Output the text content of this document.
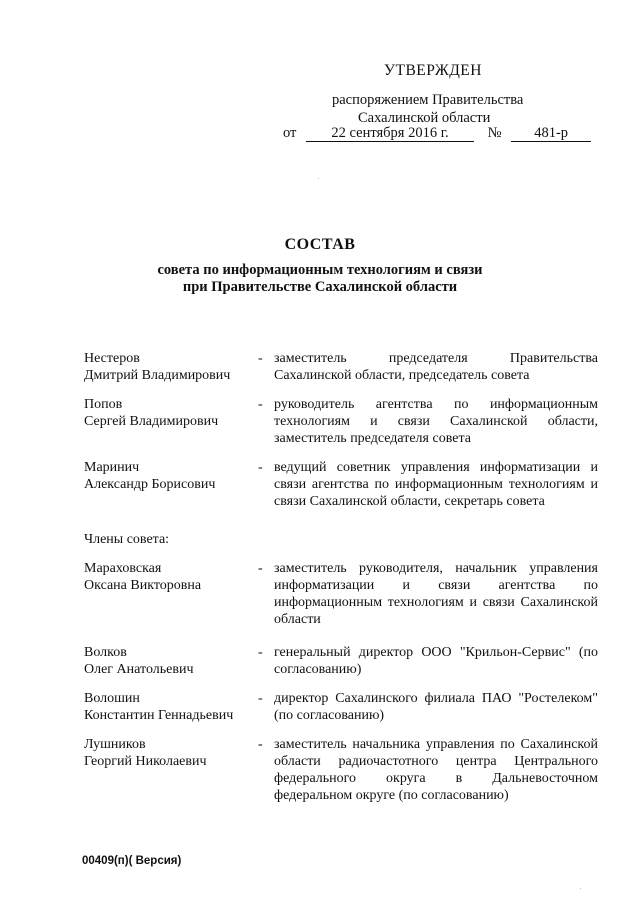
УТВЕРЖДЕН
распоряжением Правительства
Сахалинской области
от 22 сентября 2016 г.	№ 481-р
СОСТАВ
совета по информационным технологиям и связи
при Правительстве Сахалинской области
Нестеров
Дмитрий Владимирович
- заместитель председателя Правительства Сахалинской области, председатель совета
Попов
Сергей Владимирович
- руководитель агентства по информационным технологиям и связи Сахалинской области, заместитель председателя совета
Маринич
Александр Борисович
- ведущий советник управления информатизации и связи агентства по информационным технологиям и связи Сахалинской области, секретарь совета
Члены совета:
Мараховская
Оксана Викторовна
- заместитель руководителя, начальник управления информатизации и связи агентства по информационным технологиям и связи Сахалинской области
Волков
Олег Анатольевич
- генеральный директор ООО "Крильон-Сервис" (по согласованию)
Волошин
Константин Геннадьевич
- директор Сахалинского филиала ПАО "Ростелеком" (по согласованию)
Лушников
Георгий Николаевич
- заместитель начальника управления по Сахалинской области радиочастотного центра Центрального федерального округа в Дальневосточном федеральном округе (по согласованию)
00409(п)( Версия)
